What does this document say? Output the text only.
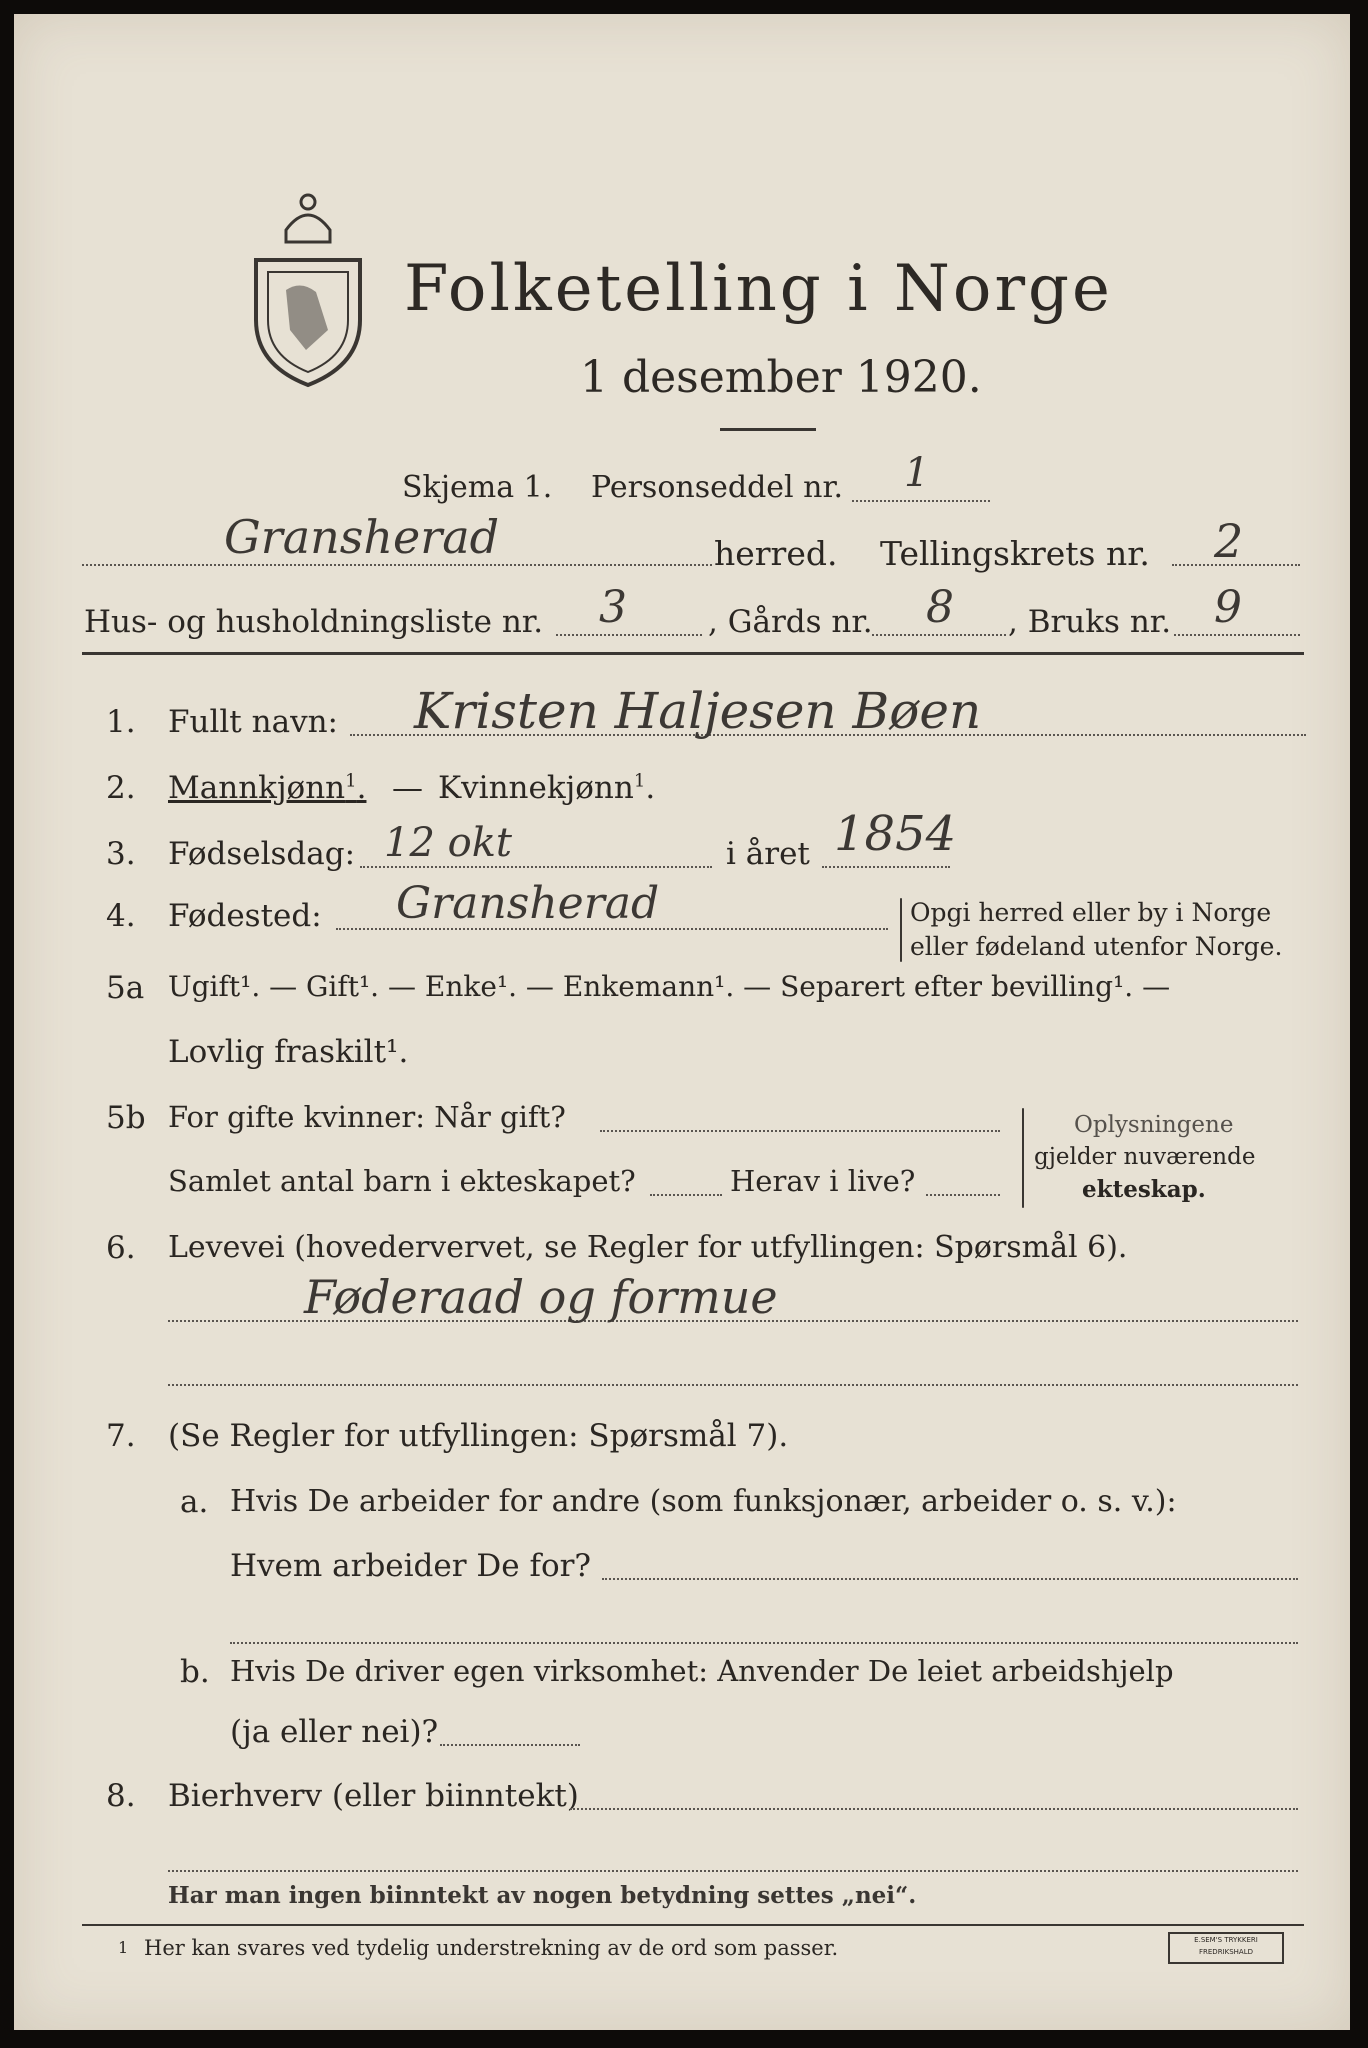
Folketelling i Norge
1 desember 1920.
Skjema 1. Personseddel nr. 1
Gransherad	herred. Tellingskrets nr. 2
Hus- og husholdningsliste nr. 3	, Gårds nr. 8 , Bruks nr. 9
1. Fullt navn: Kristen Haljesen Bøen
2. Mannkjønn$^1$. — Kvinnekjønn$^1$.
3. Fødselsdag: 12 okt	i året 1854
4. Fødested: Gransherad	Opgi herred eller by i Norge
eller fødeland utenfor Norge.
5a Ugift¹. — Gift¹. — Enke¹. — Enkemann¹. — Separert efter bevilling¹. —
Lovlig fraskilt¹.
5b For gifte kvinner: Når gift?
Samlet antal barn i ekteskapet?	Herav i live?
Oplysningene
gjelder nuværende
ekteskap.
6. Levevei (hovedervervet, se Regler for utfyllingen: Spørsmål 6).
Føderaad og formue
7. (Se Regler for utfyllingen: Spørsmål 7).
a. Hvis De arbeider for andre (som funksjonær, arbeider o. s. v.):
Hvem arbeider De for?
b. Hvis De driver egen virksomhet: Anvender De leiet arbeidshjelp
(ja eller nei)?
8. Bierhverv (eller biinntekt)
Har man ingen biinntekt av nogen betydning settes „nei“.
1 Her kan svares ved tydelig understrekning av de ord som passer.	E.SEM'S TRYKKERI
FREDRIKSHALD
